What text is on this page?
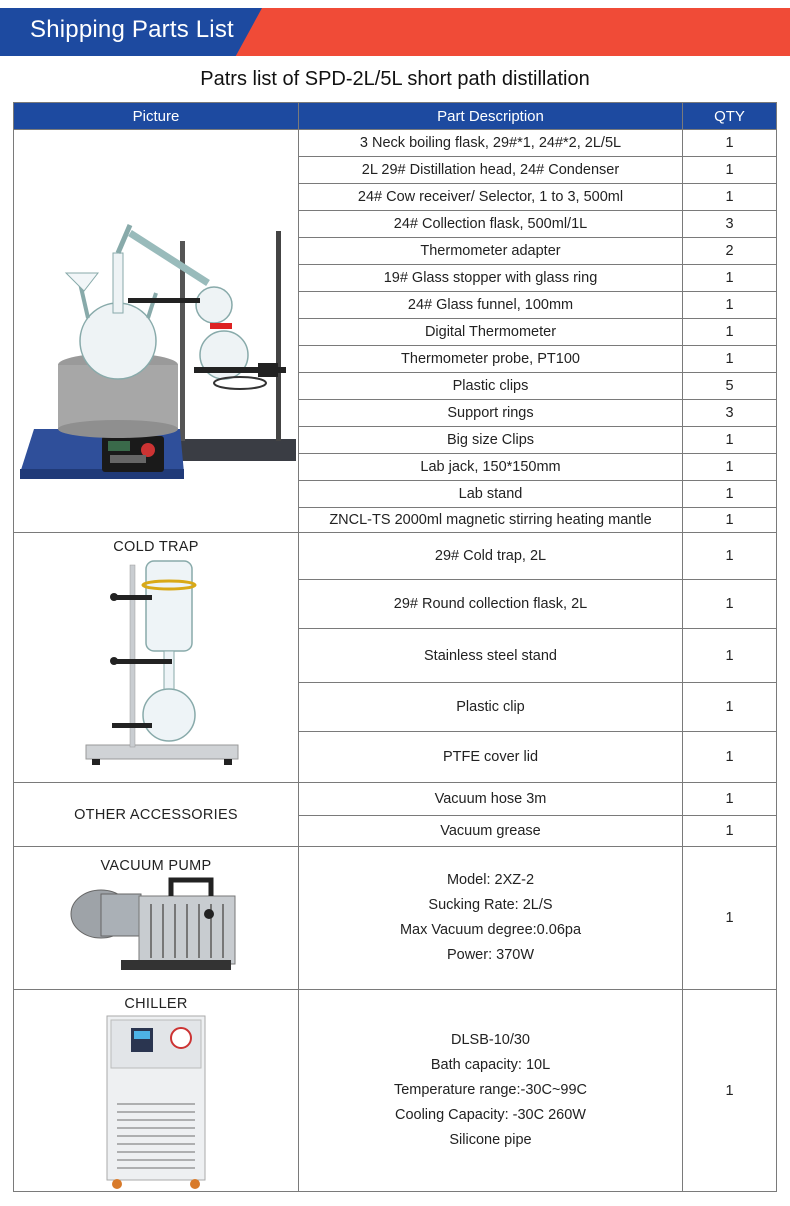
Shipping Parts List
Patrs list of SPD-2L/5L short path distillation
Picture	Part Description	QTY

	3 Neck boiling flask, 29#*1, 24#*2, 2L/5L	1
	2L 29# Distillation head, 24# Condenser	1
	24# Cow receiver/ Selector, 1 to 3, 500ml	1
	24# Collection flask, 500ml/1L	3
	Thermometer adapter	2
	19# Glass stopper with glass ring	1
	24# Glass funnel, 100mm	1
	Digital Thermometer	1
	Thermometer probe, PT100	1
	Plastic clips	5
	Support rings	3
	Big size Clips	1
	Lab jack, 150*150mm	1
	Lab stand	1
	ZNCL-TS 2000ml magnetic stirring heating mantle	1

COLD TRAP	29# Cold trap, 2L	1
	29# Round collection flask, 2L	1
	Stainless steel stand	1
	Plastic clip	1
	PTFE cover lid	1
OTHER ACCESSORIES	Vacuum hose 3m	1
	Vacuum grease	1

VACUUM PUMP	Model: 2XZ-2
Sucking Rate: 2L/S
Max Vacuum degree:0.06pa
Power: 370W	1

CHILLER	DLSB-10/30
Bath capacity: 10L
Temperature range:-30C~99C
Cooling Capacity: -30C 260W
Silicone pipe	1
